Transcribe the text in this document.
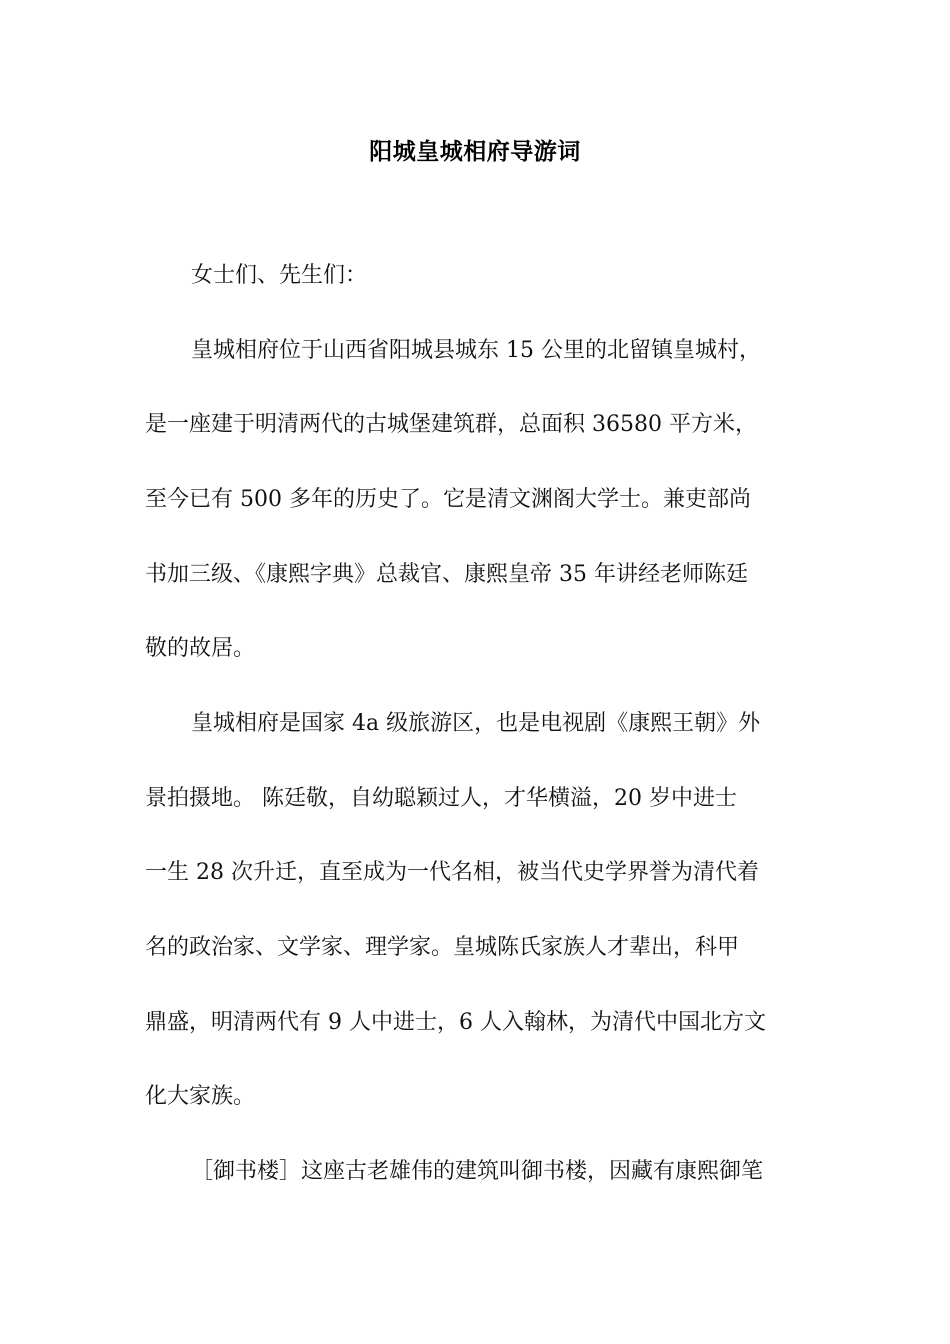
阳城皇城相府导游词
女士们、先生们：
皇城相府位于山西省阳城县城东 15 公里的北留镇皇城村，
是一座建于明清两代的古城堡建筑群，总面积 36580 平方米，
至今已有 500 多年的历史了。它是清文渊阁大学士。兼吏部尚
书加三级、《康熙字典》总裁官、康熙皇帝 35 年讲经老师陈廷
敬的故居。
皇城相府是国家 4a 级旅游区，也是电视剧《康熙王朝》外
景拍摄地。 陈廷敬，自幼聪颖过人，才华横溢，20 岁中进士
一生 28 次升迁，直至成为一代名相，被当代史学界誉为清代着
名的政治家、文学家、理学家。皇城陈氏家族人才辈出，科甲
鼎盛，明清两代有 9 人中进士，6 人入翰林，为清代中国北方文
化大家族。
［御书楼］这座古老雄伟的建筑叫御书楼，因藏有康熙御笔
